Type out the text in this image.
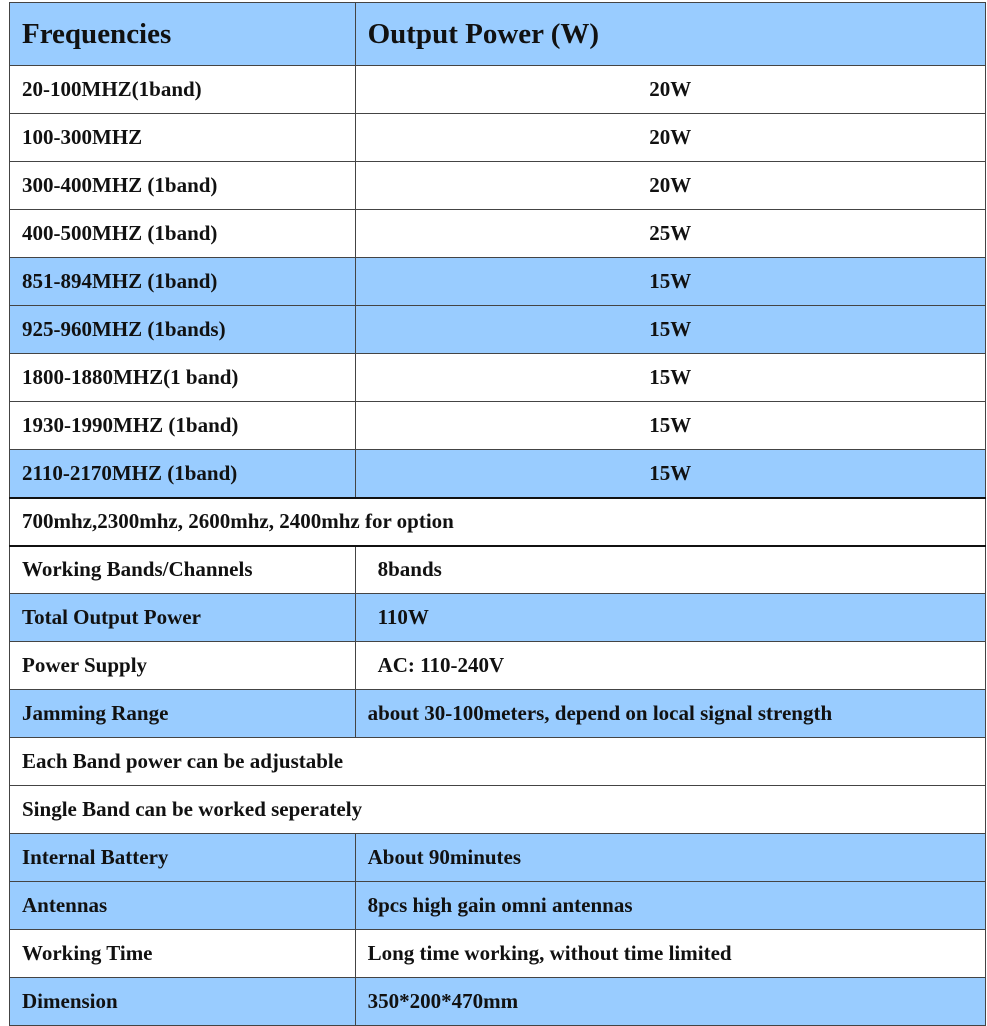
Frequencies	Output Power (W)
20-100MHZ(1band)	20W
100-300MHZ	20W
300-400MHZ (1band)	20W
400-500MHZ (1band)	25W
851-894MHZ (1band)	15W
925-960MHZ (1bands)	15W
1800-1880MHZ(1 band)	15W
1930-1990MHZ (1band)	15W
2110-2170MHZ (1band)	15W
700mhz,2300mhz, 2600mhz, 2400mhz for option	
Working Bands/Channels	8bands
Total Output Power	110W
Power Supply	AC: 110-240V
Jamming Range	about 30-100meters, depend on local signal strength
Each Band power can be adjustable	
Single Band can be worked seperately	
Internal Battery	About 90minutes
Antennas	8pcs high gain omni antennas
Working Time	Long time working, without time limited
Dimension	350*200*470mm
